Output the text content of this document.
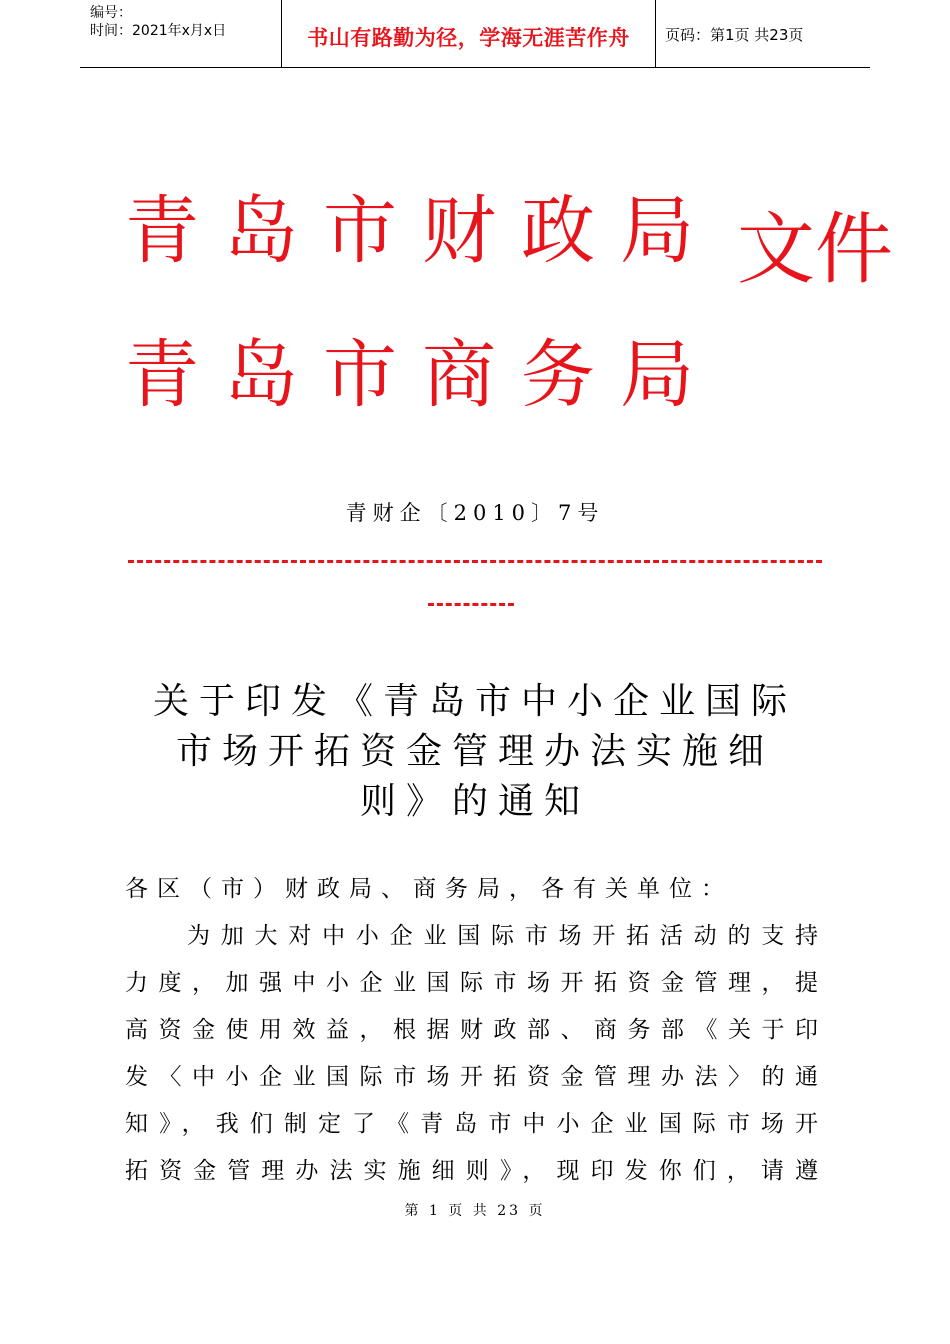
编号：
时间：2021年x月x日	书山有路勤为径，学海无涯苦作舟	页码：第1页 共23页
青岛市财政局
青岛市商务局
文件
青财企〔2010〕7号
关于印发《青岛市中小企业国际
市场开拓资金管理办法实施细
则》的通知
各区（市）财政局、商务局，各有关单位：
为加大对中小企业国际市场开拓活动的支持
力度，加强中小企业国际市场开拓资金管理，提
高资金使用效益，根据财政部、商务部《关于印
发〈中小企业国际市场开拓资金管理办法〉的通
知》，我们制定了《青岛市中小企业国际市场开
拓资金管理办法实施细则》，现印发你们，请遵
第 1 页 共 23 页
